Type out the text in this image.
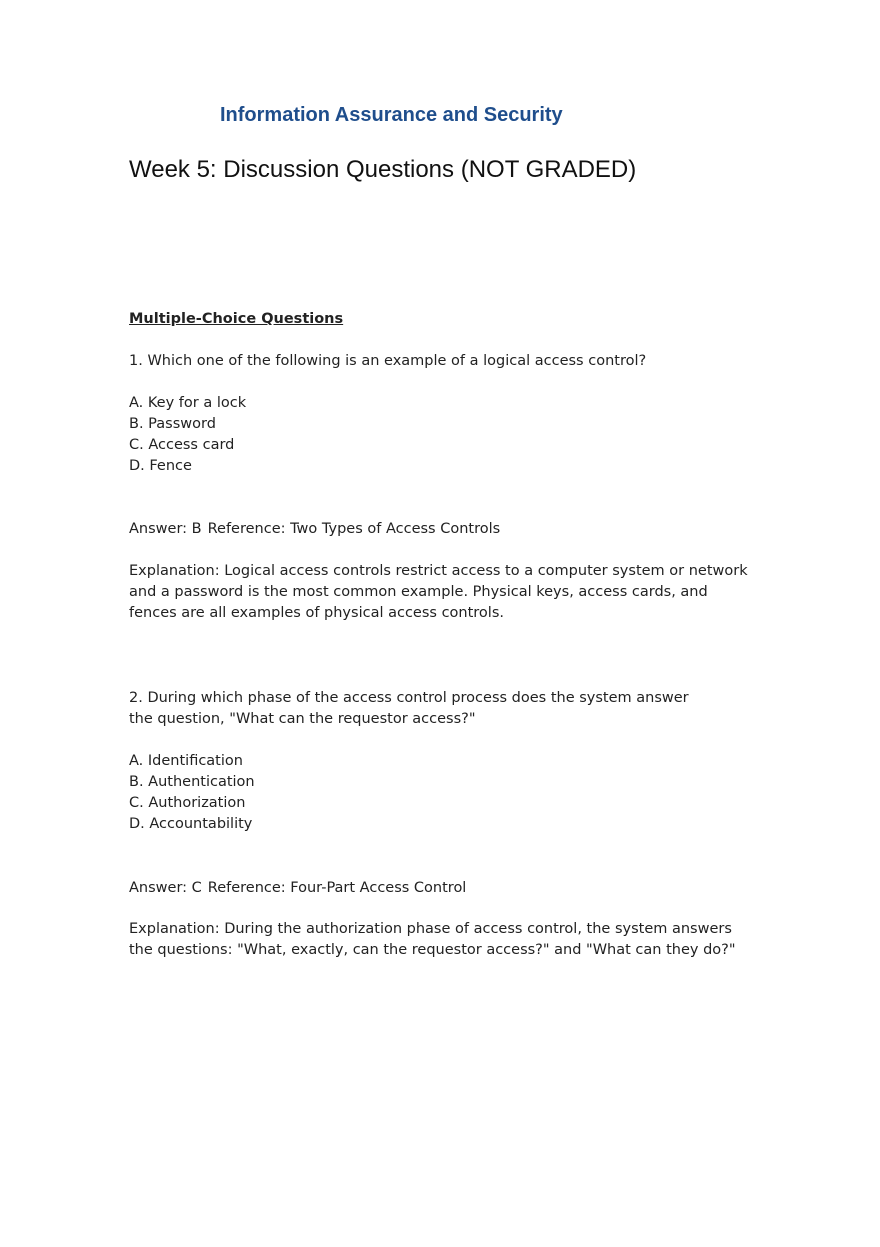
Information Assurance and Security
Week 5: Discussion Questions (NOT GRADED)
Multiple-Choice Questions
1. Which one of the following is an example of a logical access control?
A. Key for a lock
B. Password
C. Access card
D. Fence
Answer: B Reference: Two Types of Access Controls
Explanation: Logical access controls restrict access to a computer system or network and a password is the most common example. Physical keys, access cards, and fences are all examples of physical access controls.
2. During which phase of the access control process does the system answer the question, "What can the requestor access?"
A. Identification
B. Authentication
C. Authorization
D. Accountability
Answer: C Reference: Four-Part Access Control
Explanation: During the authorization phase of access control, the system answers the questions: "What, exactly, can the requestor access?" and "What can they do?"
